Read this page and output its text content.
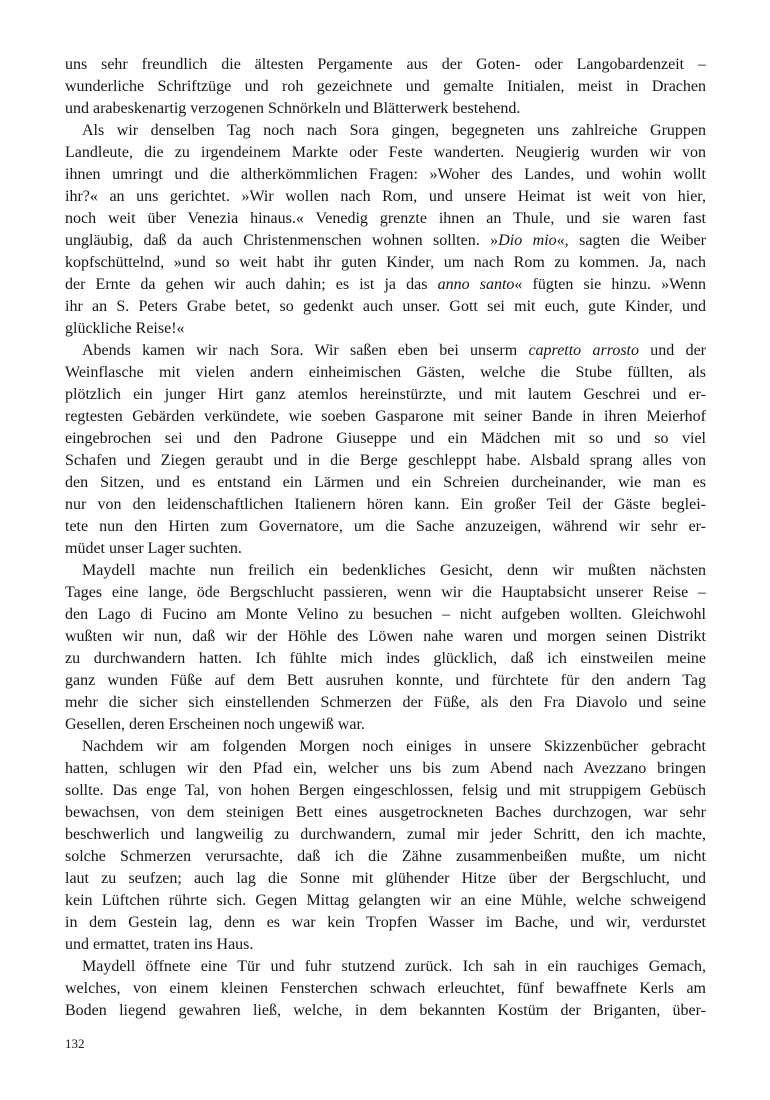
uns sehr freundlich die ältesten Pergamente aus der Goten- oder Langobardenzeit –
wunderliche Schriftzüge und roh gezeichnete und gemalte Initialen, meist in Drachen
und arabeskenartig verzogenen Schnörkeln und Blätterwerk bestehend.
Als wir denselben Tag noch nach Sora gingen, begegneten uns zahlreiche Gruppen
Landleute, die zu irgendeinem Markte oder Feste wanderten. Neugierig wurden wir von
ihnen umringt und die altherkömmlichen Fragen: »Woher des Landes, und wohin wollt
ihr?« an uns gerichtet. »Wir wollen nach Rom, und unsere Heimat ist weit von hier,
noch weit über Venezia hinaus.« Venedig grenzte ihnen an Thule, und sie waren fast
ungläubig, daß da auch Christenmenschen wohnen sollten. »Dio mio«, sagten die Weiber
kopfschüttelnd, »und so weit habt ihr guten Kinder, um nach Rom zu kommen. Ja, nach
der Ernte da gehen wir auch dahin; es ist ja das anno santo« fügten sie hinzu. »Wenn
ihr an S. Peters Grabe betet, so gedenkt auch unser. Gott sei mit euch, gute Kinder, und
glückliche Reise!«
Abends kamen wir nach Sora. Wir saßen eben bei unserm capretto arrosto und der
Weinflasche mit vielen andern einheimischen Gästen, welche die Stube füllten, als
plötzlich ein junger Hirt ganz atemlos hereinstürzte, und mit lautem Geschrei und er-
regtesten Gebärden verkündete, wie soeben Gasparone mit seiner Bande in ihren Meierhof
eingebrochen sei und den Padrone Giuseppe und ein Mädchen mit so und so viel
Schafen und Ziegen geraubt und in die Berge geschleppt habe. Alsbald sprang alles von
den Sitzen, und es entstand ein Lärmen und ein Schreien durcheinander, wie man es
nur von den leidenschaftlichen Italienern hören kann. Ein großer Teil der Gäste beglei-
tete nun den Hirten zum Governatore, um die Sache anzuzeigen, während wir sehr er-
müdet unser Lager suchten.
Maydell machte nun freilich ein bedenkliches Gesicht, denn wir mußten nächsten
Tages eine lange, öde Bergschlucht passieren, wenn wir die Hauptabsicht unserer Reise –
den Lago di Fucino am Monte Velino zu besuchen – nicht aufgeben wollten. Gleichwohl
wußten wir nun, daß wir der Höhle des Löwen nahe waren und morgen seinen Distrikt
zu durchwandern hatten. Ich fühlte mich indes glücklich, daß ich einstweilen meine
ganz wunden Füße auf dem Bett ausruhen konnte, und fürchtete für den andern Tag
mehr die sicher sich einstellenden Schmerzen der Füße, als den Fra Diavolo und seine
Gesellen, deren Erscheinen noch ungewiß war.
Nachdem wir am folgenden Morgen noch einiges in unsere Skizzenbücher gebracht
hatten, schlugen wir den Pfad ein, welcher uns bis zum Abend nach Avezzano bringen
sollte. Das enge Tal, von hohen Bergen eingeschlossen, felsig und mit struppigem Gebüsch
bewachsen, von dem steinigen Bett eines ausgetrockneten Baches durchzogen, war sehr
beschwerlich und langweilig zu durchwandern, zumal mir jeder Schritt, den ich machte,
solche Schmerzen verursachte, daß ich die Zähne zusammenbeißen mußte, um nicht
laut zu seufzen; auch lag die Sonne mit glühender Hitze über der Bergschlucht, und
kein Lüftchen rührte sich. Gegen Mittag gelangten wir an eine Mühle, welche schweigend
in dem Gestein lag, denn es war kein Tropfen Wasser im Bache, und wir, verdurstet
und ermattet, traten ins Haus.
Maydell öffnete eine Tür und fuhr stutzend zurück. Ich sah in ein rauchiges Gemach,
welches, von einem kleinen Fensterchen schwach erleuchtet, fünf bewaffnete Kerls am
Boden liegend gewahren ließ, welche, in dem bekannten Kostüm der Briganten, über-
132
